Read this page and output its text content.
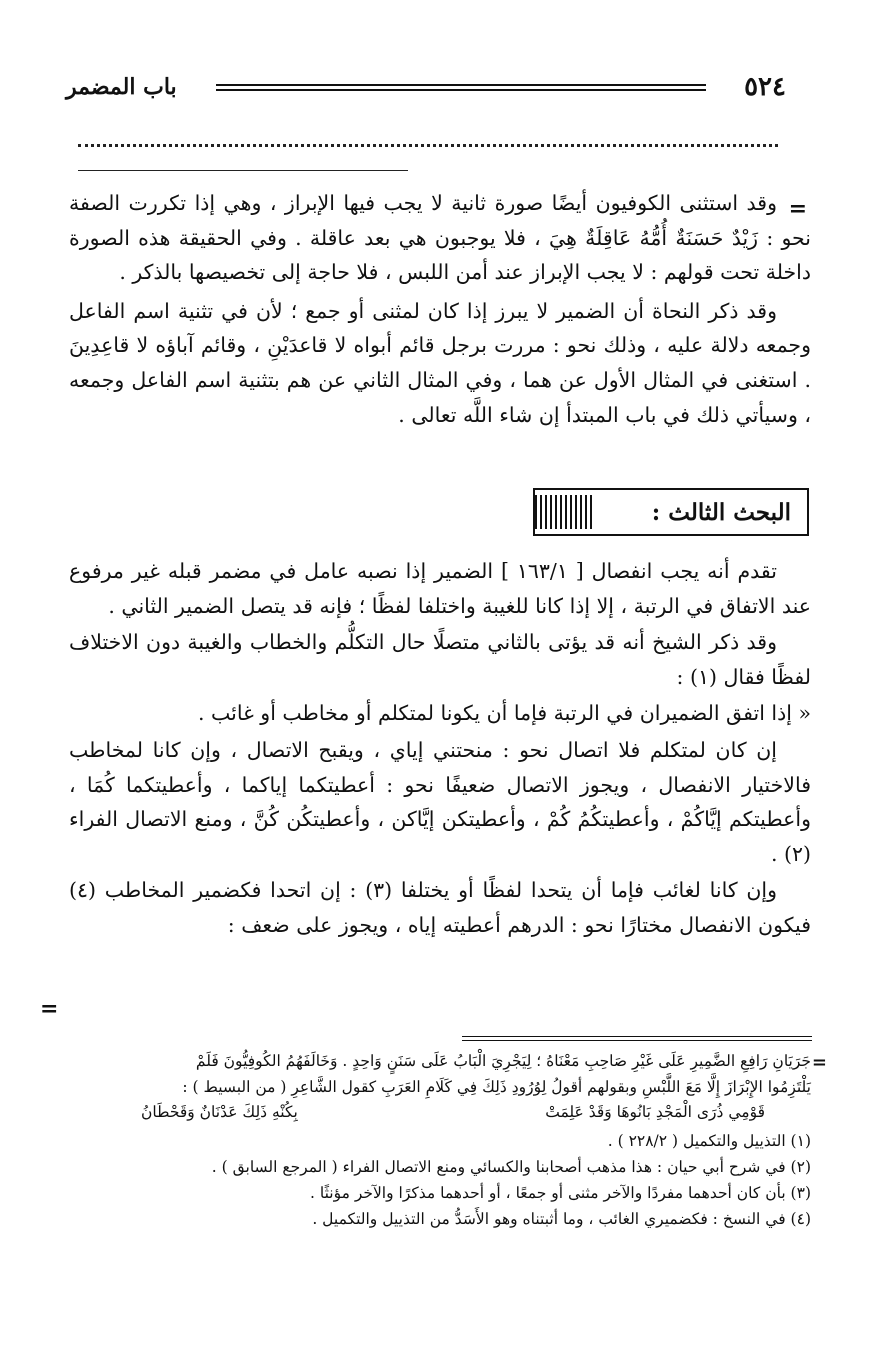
٥٢٤
باب المضمر
=

وقد استثنى الكوفيون أيضًا صورة ثانية لا يجب فيها الإبراز ، وهي إذا تكررت الصفة نحو : زَيْدٌ حَسَنَةٌ أُمُّهُ عَاقِلَةٌ هِيَ ، فلا يوجبون هي بعد عاقلة . وفي الحقيقة هذه الصورة داخلة تحت قولهم : لا يجب الإبراز عند أمن اللبس ، فلا حاجة إلى تخصيصها بالذكر .

وقد ذكر النحاة أن الضمير لا يبرز إذا كان لمثنى أو جمع ؛ لأن في تثنية اسم الفاعل وجمعه دلالة عليه ، وذلك نحو : مررت برجل قائم أبواه لا قاعدَيْنِ ، وقائم آباؤه لا قاعِدِينَ . استغنى في المثال الأول عن هما ، وفي المثال الثاني عن هم بتثنية اسم الفاعل وجمعه ، وسيأتي ذلك في باب المبتدأ إن شاء اللَّه تعالى .

البحث الثالث :

تقدم أنه يجب انفصال [ ١٦٣/١ ] الضمير إذا نصبه عامل في مضمر قبله غير مرفوع عند الاتفاق في الرتبة ، إلا إذا كانا للغيبة واختلفا لفظًا ؛ فإنه قد يتصل الضمير الثاني .

وقد ذكر الشيخ أنه قد يؤتى بالثاني متصلًا حال التكلُّم والخطاب والغيبة دون الاختلاف لفظًا فقال (١) :

« إذا اتفق الضميران في الرتبة فإما أن يكونا لمتكلم أو مخاطب أو غائب .

إن كان لمتكلم فلا اتصال نحو : منحتني إياي ، ويقبح الاتصال ، وإن كانا لمخاطب فالاختيار الانفصال ، ويجوز الاتصال ضعيفًا نحو : أعطيتكما إياكما ، وأعطيتكما كُمَا ، وأعطيتكم إيَّاكُمْ ، وأعطيتكُمُ كُمْ ، وأعطيتكن إيَّاكن ، وأعطيتكُن كُنَّ ، ومنع الاتصال الفراء (٢) .

وإن كانا لغائب فإما أن يتحدا لفظًا أو يختلفا (٣) : إن اتحدا فكضمير المخاطب (٤) فيكون الانفصال مختارًا نحو : الدرهم أعطيته إياه ، ويجوز على ضعف :

=
=

جَرَيَانِ رَافِعِ الضَّمِيرِ عَلَى غَيْرِ صَاحِبِ مَعْنَاهُ ؛ لِيَجْرِيَ الْبَابُ عَلَى سَنَنٍ وَاحِدٍ . وَخَالَفَهُمُ الكُوفِيُّونَ فَلَمْ

يَلْتَزِمُوا الإِبْرَازَ إِلَّا مَعَ اللَّبْسِ وبقولهم أقولُ لِوُرُودِ ذَلِكَ فِي كَلَامِ العَرَبِ كقول الشَّاعِرِ ( من البسيط ) :

قَوْمِي ذُرَى الْمَجْدِ بَانُوهَا وَقَدْ عَلِمَتْ
بِكُنْهِ ذَلِكَ عَدْنَانٌ وَقَحْطَانُ

(١) التذييل والتكميل ( ٢٢٨/٢ ) .

(٢) في شرح أبي حيان : هذا مذهب أصحابنا والكسائي ومنع الاتصال الفراء ( المرجع السابق ) .

(٣) بأن كان أحدهما مفردًا والآخر مثنى أو جمعًا ، أو أحدهما مذكرًا والآخر مؤنثًا .

(٤) في النسخ : فكضميري الغائب ، وما أثبتناه وهو الأَسَدُّ من التذييل والتكميل .
